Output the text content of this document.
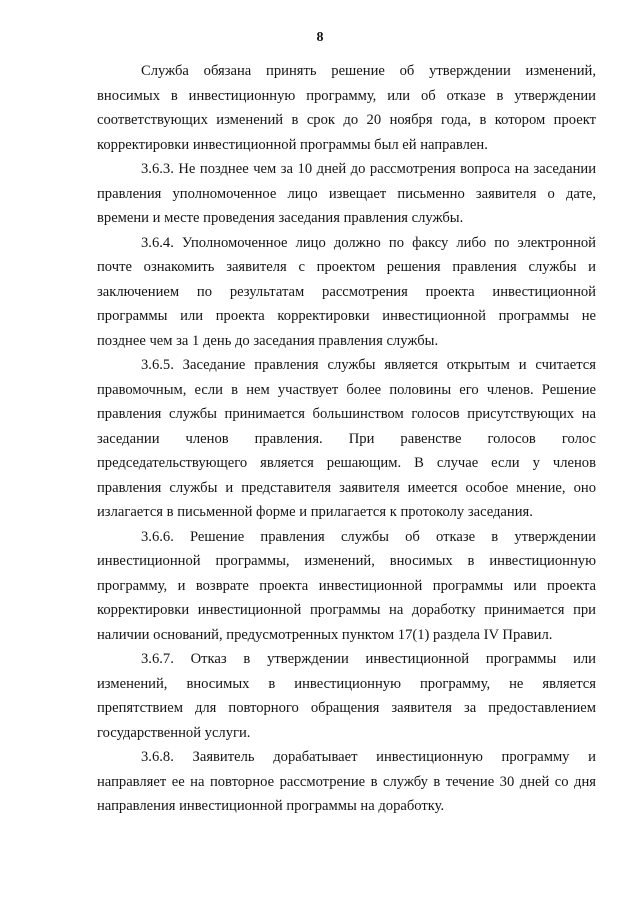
8

Служба обязана принять решение об утверждении изменений,
вносимых в инвестиционную программу, или об отказе в утверждении
соответствующих изменений в срок до 20 ноября года, в котором проект
корректировки инвестиционной программы был ей направлен.

3.6.3. Не позднее чем за 10 дней до рассмотрения вопроса на заседании
правления уполномоченное лицо извещает письменно заявителя о дате,
времени и месте проведения заседания правления службы.

3.6.4. Уполномоченное лицо должно по факсу либо по электронной
почте ознакомить заявителя с проектом решения правления службы и
заключением по результатам рассмотрения проекта инвестиционной
программы или проекта корректировки инвестиционной программы не
позднее чем за 1 день до заседания правления службы.

3.6.5. Заседание правления службы является открытым и считается
правомочным, если в нем участвует более половины его членов. Решение
правления службы принимается большинством голосов присутствующих на
заседании членов правления. При равенстве голосов голос
председательствующего является решающим. В случае если у членов
правления службы и представителя заявителя имеется особое мнение, оно
излагается в письменной форме и прилагается к протоколу заседания.

3.6.6. Решение правления службы об отказе в утверждении
инвестиционной программы, изменений, вносимых в инвестиционную
программу, и возврате проекта инвестиционной программы или проекта
корректировки инвестиционной программы на доработку принимается при
наличии оснований, предусмотренных пунктом 17(1) раздела IV Правил.

3.6.7. Отказ в утверждении инвестиционной программы или
изменений, вносимых в инвестиционную программу, не является
препятствием для повторного обращения заявителя за предоставлением
государственной услуги.

3.6.8. Заявитель дорабатывает инвестиционную программу и
направляет ее на повторное рассмотрение в службу в течение 30 дней со дня
направления инвестиционной программы на доработку.
